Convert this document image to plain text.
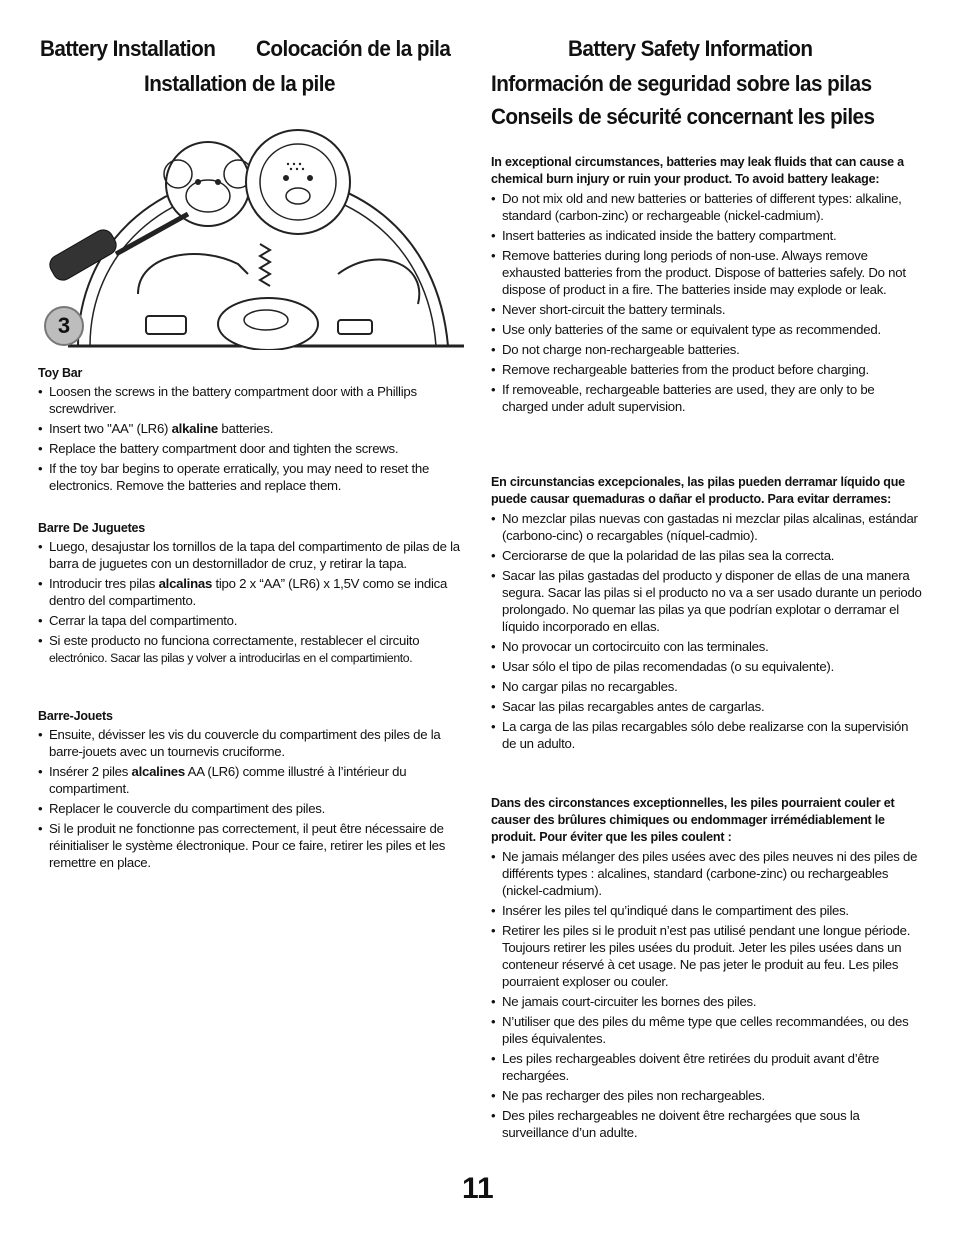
Battery Installation Colocación de la pila
Installation de la pile
3
Toy Bar
• Loosen the screws in the battery compartment door with a Phillips screwdriver.
• Insert two "AA" (LR6) alkaline batteries.
• Replace the battery compartment door and tighten the screws.
• If the toy bar begins to operate erratically, you may need to reset the electronics. Remove the batteries and replace them.
Barre De Juguetes
• Luego, desajustar los tornillos de la tapa del compartimento de pilas de la barra de juguetes con un destornillador de cruz, y retirar la tapa.
• Introducir tres pilas alcalinas tipo 2 x “AA” (LR6) x 1,5V como se indica dentro del compartimento.
• Cerrar la tapa del compartimento.
• Si este producto no funciona correctamente, restablecer el circuito electrónico. Sacar las pilas y volver a introducirlas en el compartimiento.
Barre-Jouets
• Ensuite, dévisser les vis du couvercle du compartiment des piles de la barre-jouets avec un tournevis cruciforme.
• Insérer 2 piles alcalines AA (LR6) comme illustré à l’intérieur du compartiment.
• Replacer le couvercle du compartiment des piles.
• Si le produit ne fonctionne pas correctement, il peut être nécessaire de réinitialiser le système électronique. Pour ce faire, retirer les piles et les remettre en place.
Battery Safety Information
Información de seguridad sobre las pilas
Conseils de sécurité concernant les piles
In exceptional circumstances, batteries may leak fluids that can cause a chemical burn injury or ruin your product. To avoid battery leakage:
• Do not mix old and new batteries or batteries of different types: alkaline, standard (carbon-zinc) or rechargeable (nickel-cadmium).
• Insert batteries as indicated inside the battery compartment.
• Remove batteries during long periods of non-use. Always remove exhausted batteries from the product. Dispose of batteries safely. Do not dispose of product in a fire. The batteries inside may explode or leak.
• Never short-circuit the battery terminals.
• Use only batteries of the same or equivalent type as recommended.
• Do not charge non-rechargeable batteries.
• Remove rechargeable batteries from the product before charging.
• If removeable, rechargeable batteries are used, they are only to be charged under adult supervision.
En circunstancias excepcionales, las pilas pueden derramar líquido que puede causar quemaduras o dañar el producto. Para evitar derrames:
• No mezclar pilas nuevas con gastadas ni mezclar pilas alcalinas, estándar (carbono-cinc) o recargables (níquel-cadmio).
• Cerciorarse de que la polaridad de las pilas sea la correcta.
• Sacar las pilas gastadas del producto y disponer de ellas de una manera segura. Sacar las pilas si el producto no va a ser usado durante un periodo prolongado. No quemar las pilas ya que podrían explotar o derramar el líquido incorporado en ellas.
• No provocar un cortocircuito con las terminales.
• Usar sólo el tipo de pilas recomendadas (o su equivalente).
• No cargar pilas no recargables.
• Sacar las pilas recargables antes de cargarlas.
• La carga de las pilas recargables sólo debe realizarse con la supervisión de un adulto.
Dans des circonstances exceptionnelles, les piles pourraient couler et causer des brûlures chimiques ou endommager irrémédiablement le produit. Pour éviter que les piles coulent :
• Ne jamais mélanger des piles usées avec des piles neuves ni des piles de différents types : alcalines, standard (carbone-zinc) ou rechargeables (nickel-cadmium).
• Insérer les piles tel qu’indiqué dans le compartiment des piles.
• Retirer les piles si le produit n’est pas utilisé pendant une longue période. Toujours retirer les piles usées du produit. Jeter les piles usées dans un conteneur réservé à cet usage. Ne pas jeter le produit au feu. Les piles pourraient exploser ou couler.
• Ne jamais court-circuiter les bornes des piles.
• N’utiliser que des piles du même type que celles recommandées, ou des piles équivalentes.
• Les piles rechargeables doivent être retirées du produit avant d’être rechargées.
• Ne pas recharger des piles non rechargeables.
• Des piles rechargeables ne doivent être rechargées que sous la surveillance d’un adulte.
11
